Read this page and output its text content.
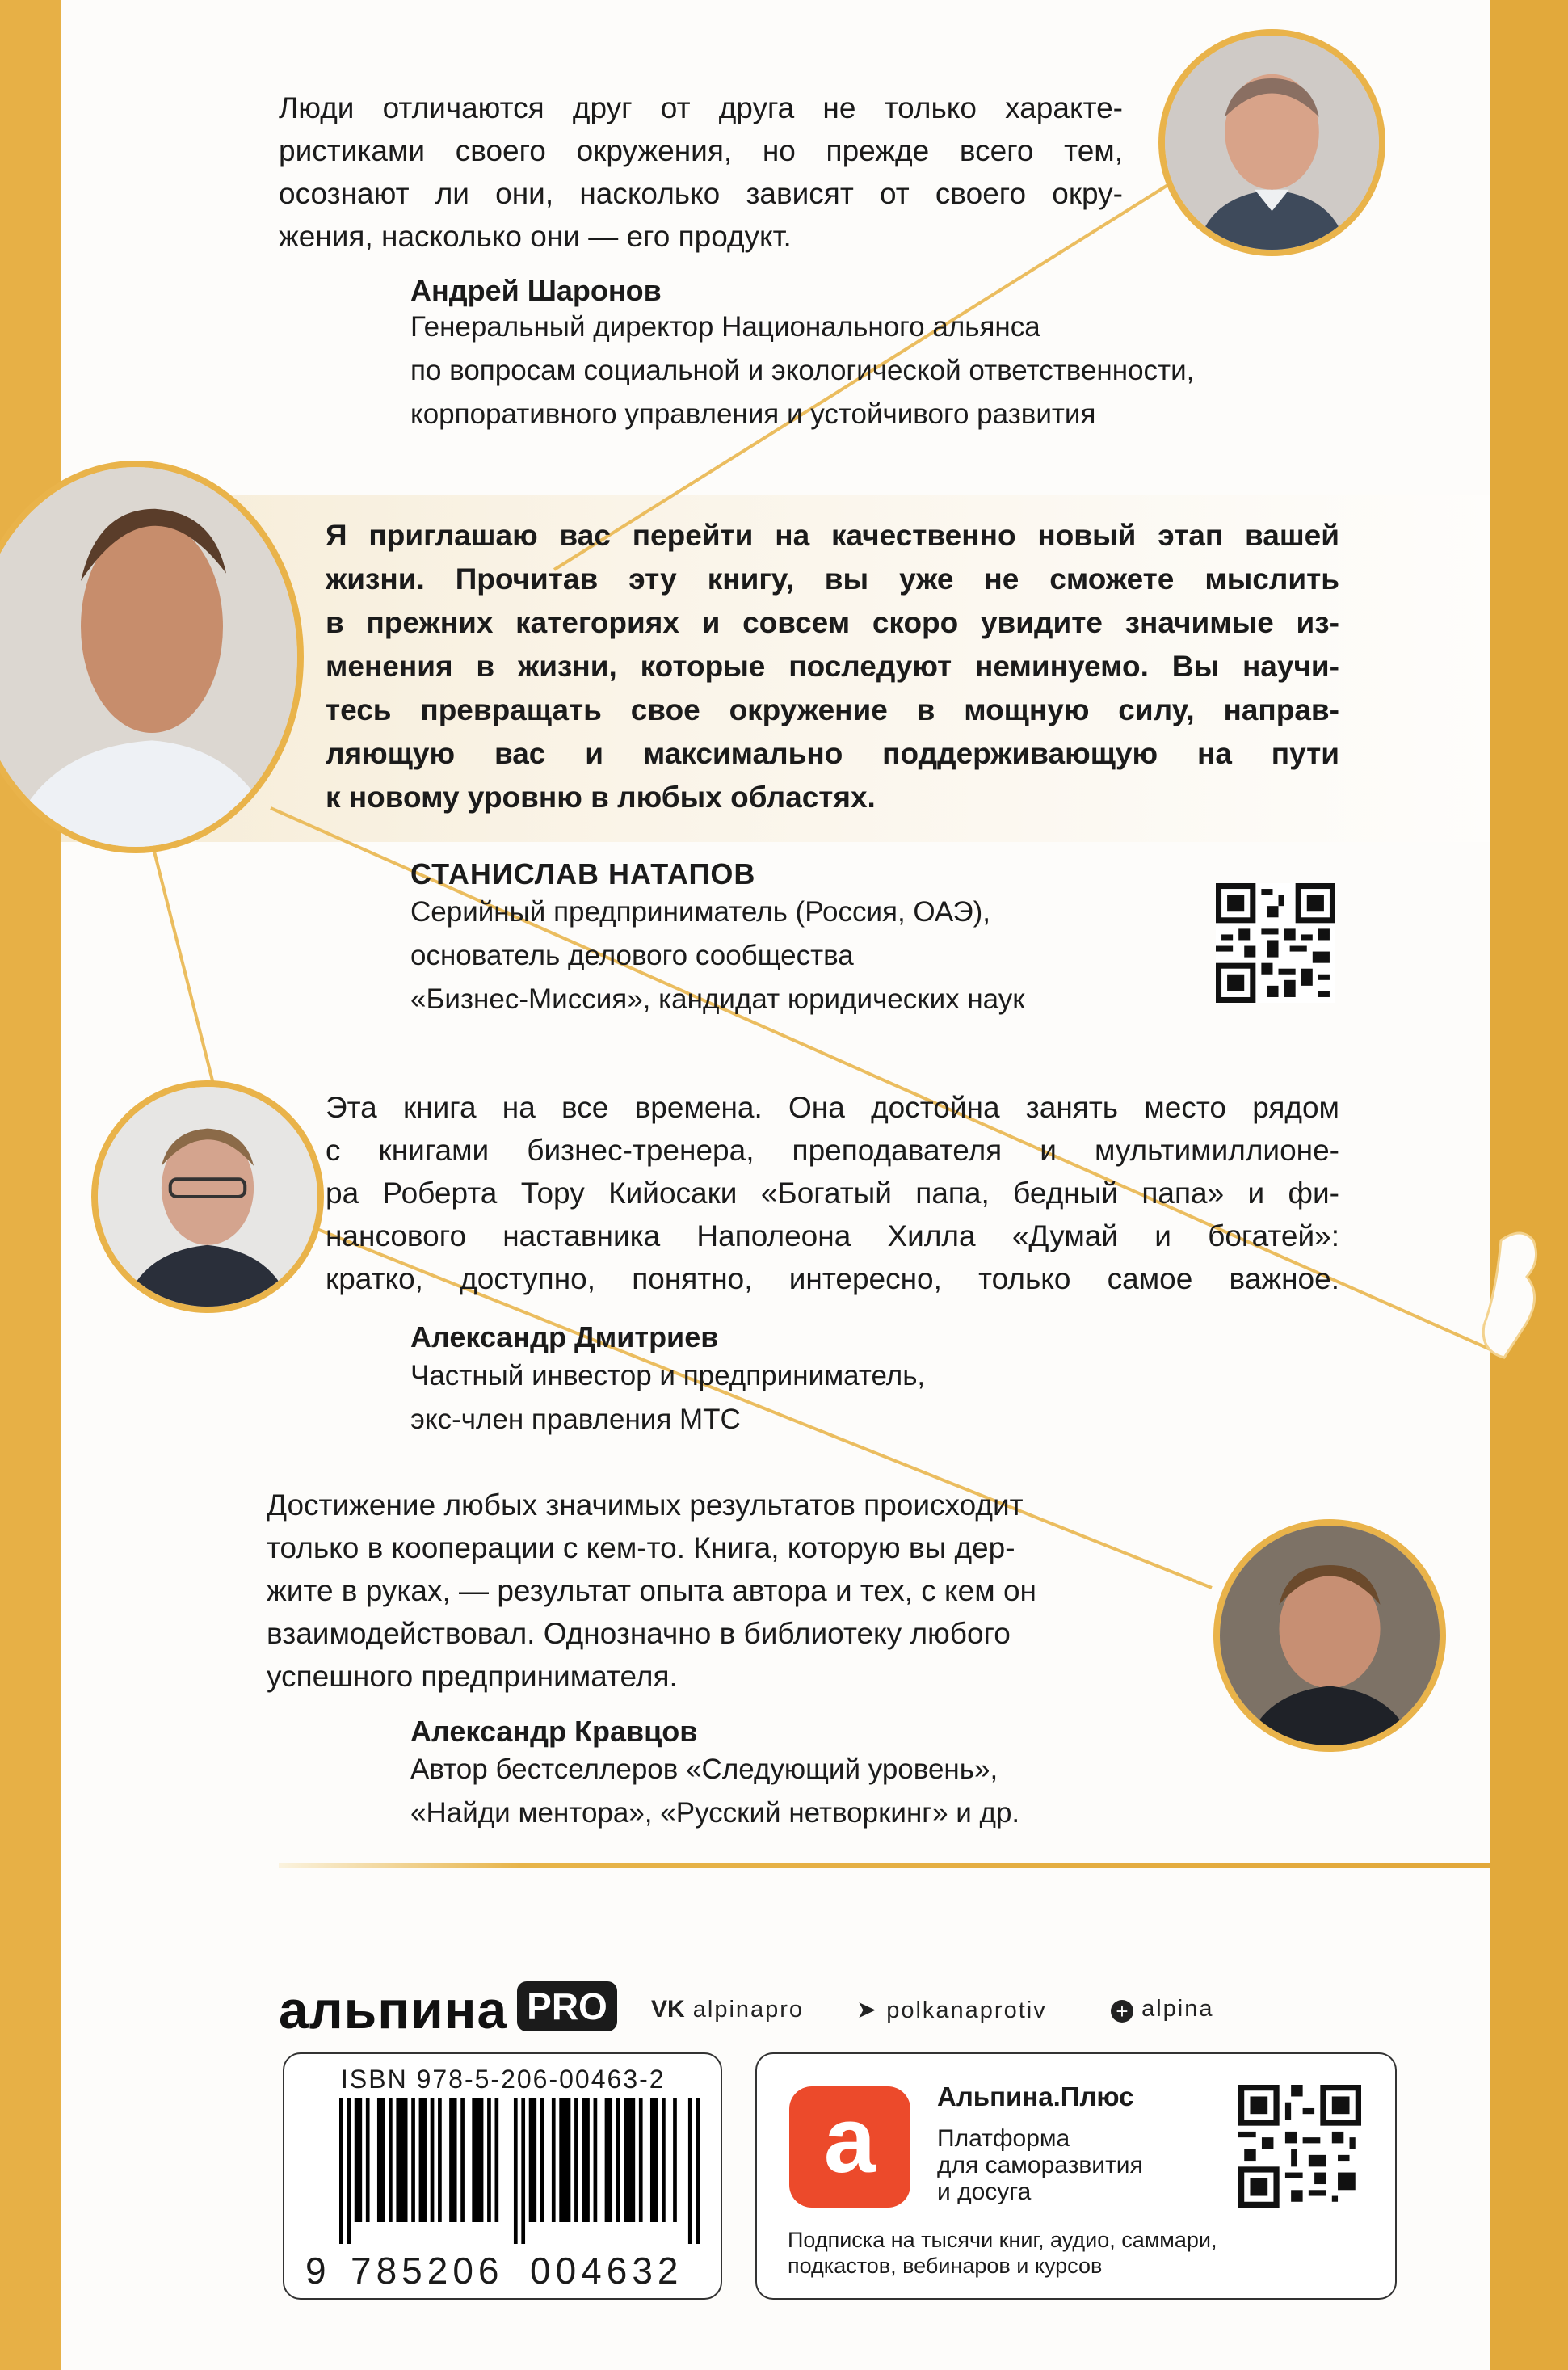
Люди отличаются друг от друга не только характе-
ристиками своего окружения, но прежде всего тем,
осознают ли они, насколько зависят от своего окру-
жения, насколько они — его продукт.
Андрей Шаронов
Генеральный директор Национального альянса
по вопросам социальной и экологической ответственности,
корпоративного управления и устойчивого развития
Я приглашаю вас перейти на качественно новый этап вашей
жизни. Прочитав эту книгу, вы уже не сможете мыслить
в прежних категориях и совсем скоро увидите значимые из-
менения в жизни, которые последуют неминуемо. Вы научи-
тесь превращать свое окружение в мощную силу, направ-
ляющую вас и максимально поддерживающую на пути
к новому уровню в любых областях.
СТАНИСЛАВ НАТАПОВ
Серийный предприниматель (Россия, ОАЭ),
основатель делового сообщества
«Бизнес-Миссия», кандидат юридических наук
Эта книга на все времена. Она достойна занять место рядом
с книгами бизнес-тренера, преподавателя и мультимиллионе-
ра Роберта Тору Кийосаки «Богатый папа, бедный папа» и фи-
нансового наставника Наполеона Хилла «Думай и богатей»:
кратко, доступно, понятно, интересно, только самое важное.
Александр Дмитриев
Частный инвестор и предприниматель,
экс-член правления МТС
Достижение любых значимых результатов происходит
только в кооперации с кем-то. Книга, которую вы дер-
жите в руках, — результат опыта автора и тех, с кем он
взаимодействовал. Однозначно в библиотеку любого
успешного предпринимателя.
Александр Кравцов
Автор бестселлеров «Следующий уровень»,
«Найди ментора», «Русский нетворкинг» и др.
альпина PRO	VK alpinapro ➤ polkanaprotiv	+ alpina
ISBN 978-5-206-00463-2
9 785206 004632
a	Альпина.Плюс
Платформа
для саморазвития
и досуга
Подписка на тысячи книг, аудио, саммари,
подкастов, вебинаров и курсов
